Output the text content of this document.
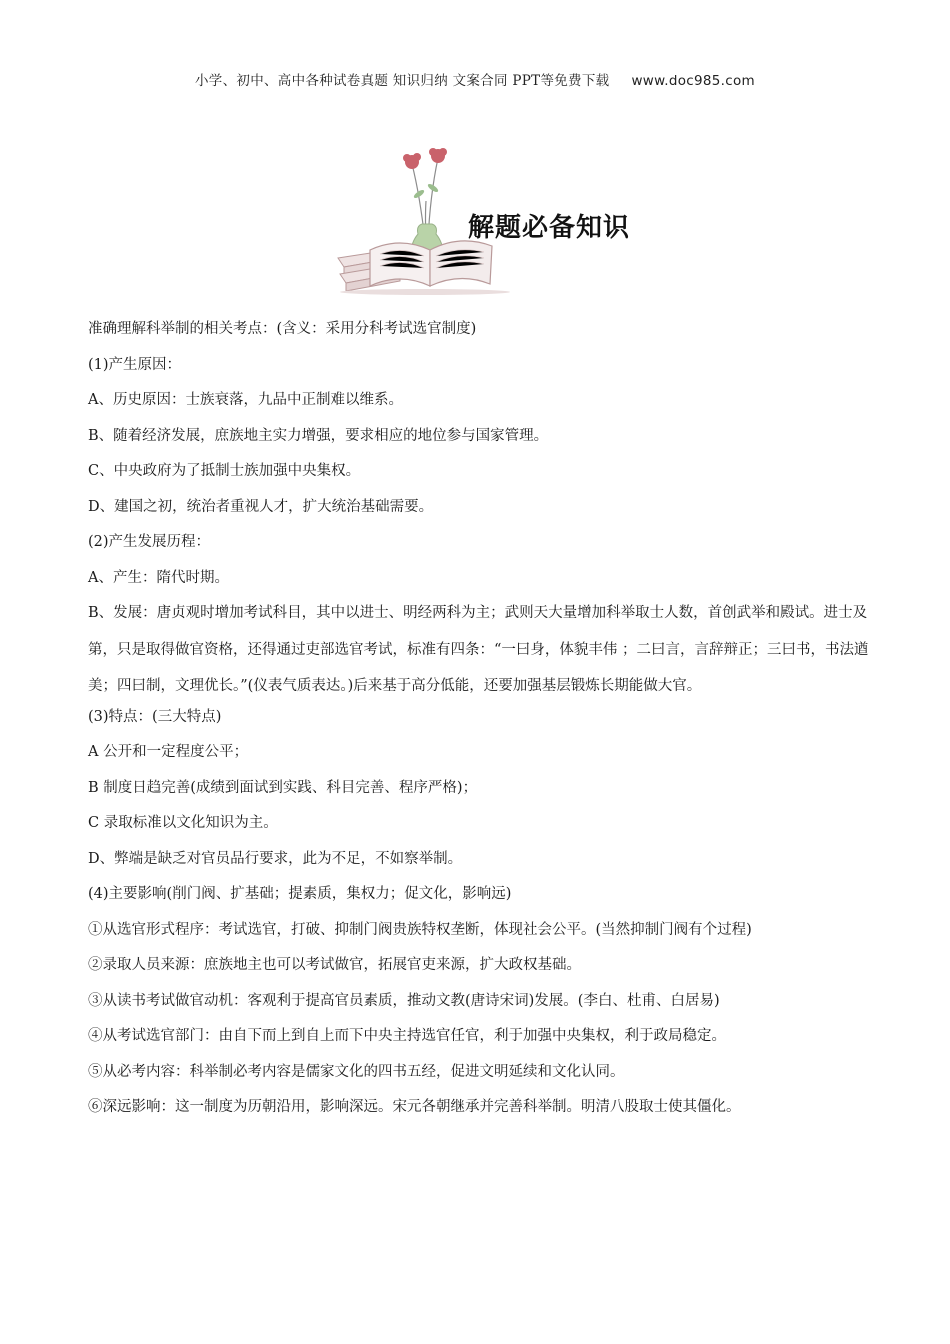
小学、初中、高中各种试卷真题 知识归纳 文案合同 PPT等免费下载 www.doc985.com
解题必备知识

准确理解科举制的相关考点：(含义：采用分科考试选官制度)

(1)产生原因：

A、历史原因：士族衰落，九品中正制难以维系。

B、随着经济发展，庶族地主实力增强，要求相应的地位参与国家管理。

C、中央政府为了抵制士族加强中央集权。

D、建国之初，统治者重视人才，扩大统治基础需要。

(2)产生发展历程：

A、产生：隋代时期。

B、发展：唐贞观时增加考试科目，其中以进士、明经两科为主；武则天大量增加科举取士人数，首创武举和殿试。进士及第，只是取得做官资格，还得通过吏部选官考试，标准有四条：“一曰身，体貌丰伟 ；二曰言，言辞辩正；三曰书，书法遒美；四曰制，文理优长。”(仪表气质表达。)后来基于高分低能，还要加强基层锻炼长期能做大官。

(3)特点：(三大特点)

A 公开和一定程度公平；

B 制度日趋完善(成绩到面试到实践、科目完善、程序严格)；

C 录取标准以文化知识为主。

D、弊端是缺乏对官员品行要求，此为不足，不如察举制。

(4)主要影响(削门阀、扩基础；提素质，集权力；促文化，影响远)

①从选官形式程序：考试选官，打破、抑制门阀贵族特权垄断，体现社会公平。(当然抑制门阀有个过程)

②录取人员来源：庶族地主也可以考试做官，拓展官吏来源，扩大政权基础。

③从读书考试做官动机：客观利于提高官员素质，推动文教(唐诗宋词)发展。(李白、杜甫、白居易)

④从考试选官部门：由自下而上到自上而下中央主持选官任官，利于加强中央集权，利于政局稳定。

⑤从必考内容：科举制必考内容是儒家文化的四书五经，促进文明延续和文化认同。

⑥深远影响：这一制度为历朝沿用，影响深远。宋元各朝继承并完善科举制。明清八股取士使其僵化。
